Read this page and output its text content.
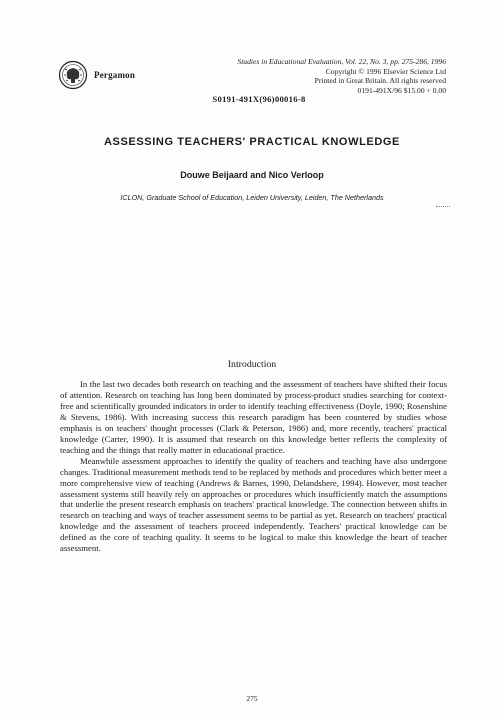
Pergamon
Studies in Educational Evaluation, Vol. 22, No. 3, pp. 275-286, 1996
Copyright © 1996 Elsevier Science Ltd
Printed in Great Britain. All rights reserved
0191-491X/96 $15.00 + 0.00
S0191-491X(96)00016-8
ASSESSING TEACHERS' PRACTICAL KNOWLEDGE
Douwe Beijaard and Nico Verloop
ICLON, Graduate School of Education, Leiden University, Leiden, The Netherlands
Introduction

In the last two decades both research on teaching and the assessment of teachers have shifted their focus of attention. Research on teaching has long been dominated by process-product studies searching for context-free and scientifically grounded indicators in order to identify teaching effectiveness (Doyle, 1990; Rosenshine & Stevens, 1986). With increasing success this research paradigm has been countered by studies whose emphasis is on teachers' thought processes (Clark & Peterson, 1986) and, more recently, teachers' practical knowledge (Carter, 1990). It is assumed that research on this knowledge better reflects the complexity of teaching and the things that really matter in educational practice.

Meanwhile assessment approaches to identify the quality of teachers and teaching have also undergone changes. Traditional measurement methods tend to be replaced by methods and procedures which better meet a more comprehensive view of teaching (Andrews & Barnes, 1990, Delandshere, 1994). However, most teacher assessment systems still heavily rely on approaches or procedures which insufficiently match the assumptions that underlie the present research emphasis on teachers' practical knowledge. The connection between shifts in research on teaching and ways of teacher assessment seems to be partial as yet. Research on teachers' practical knowledge and the assessment of teachers proceed independently. Teachers' practical knowledge can be defined as the core of teaching quality. It seems to be logical to make this knowledge the heart of teacher assessment.

275
